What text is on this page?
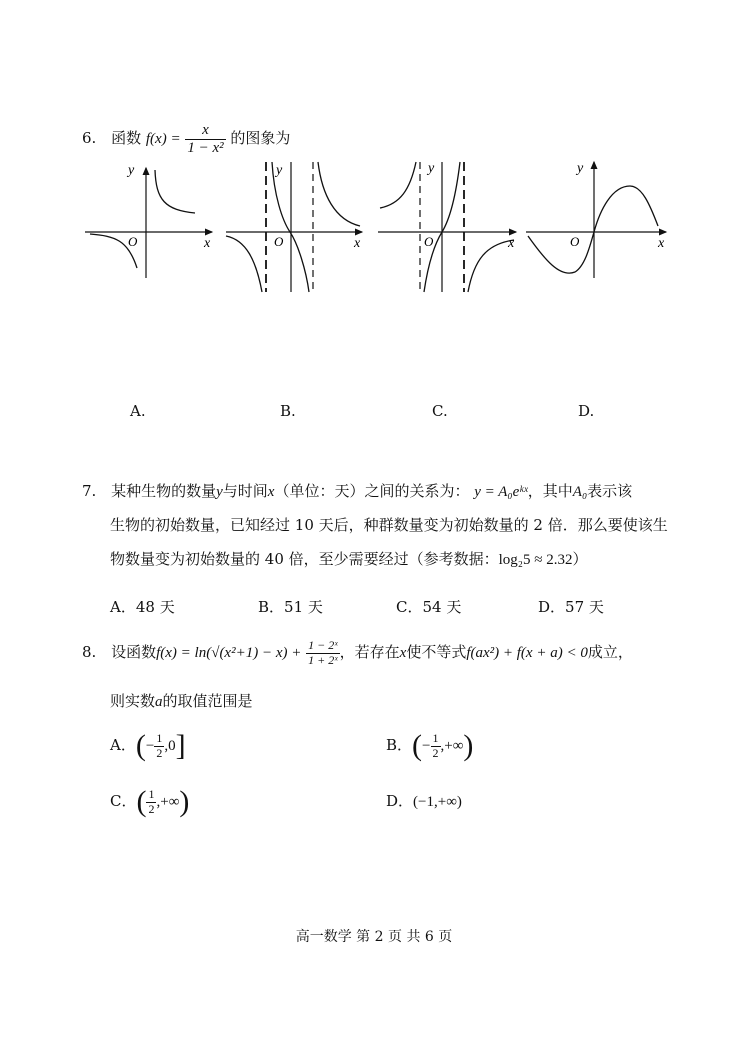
6. 函数 $f(x) = \frac{x}{\text{1 − x²}}$ 的图象为
y
x
O
y
x
O
y
x
O
y
x
O
A.	B.	C.	D.
7. 某种生物的数量y与时间x（单位：天）之间的关系为： y = A₀eᵏˣ，其中A₀表示该
生物的初始数量，已知经过 10 天后，种群数量变为初始数量的 2 倍．那么要使该生
物数量变为初始数量的 40 倍，至少需要经过（参考数据：log₂5 ≈ 2.32）
A．48 天	B．51 天	C．54 天	D．57 天
8. 设函数$f(x) = \ln(√(x^2+1) - x) + \frac{\text{1 − 2ˣ}}{\text{1 + 2ˣ}}$ ，若存在x使不等式f(ax²) + f(x + a) < 0成立，
则实数a的取值范围是
A．(− $\frac{1}{2} ,0$]	B．(− $\frac{1}{2}$ ,+∞)
C．( $\frac{1}{2}$ ,+∞)	D．(−1,+∞)
高一数学 第 2 页 共 6 页
